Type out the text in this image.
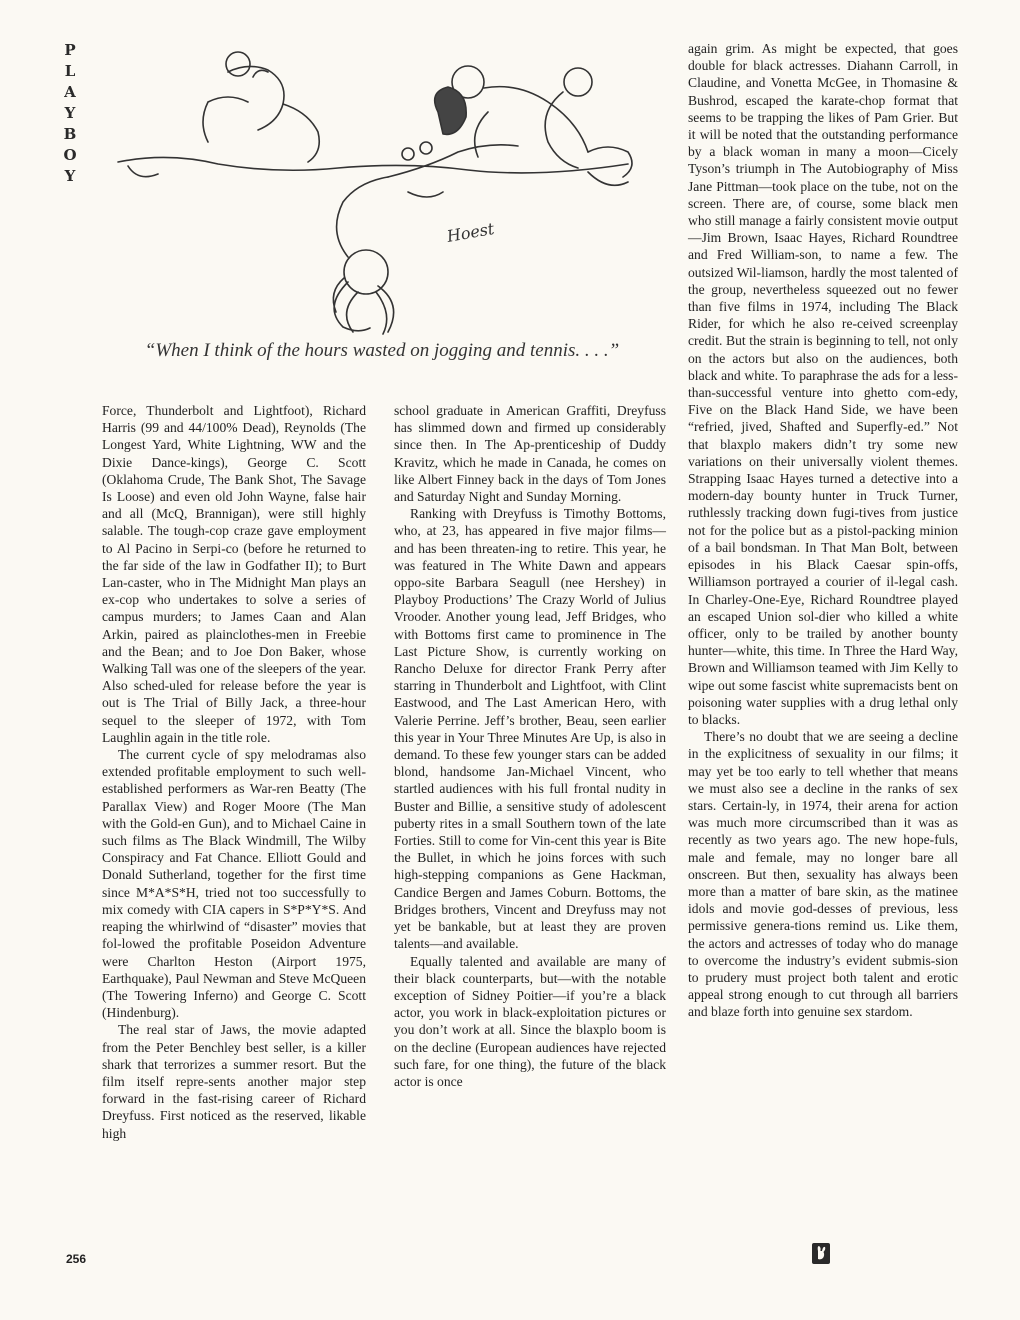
P
L
A
Y
B
O
Y
Hoest
“When I think of the hours wasted on jogging and tennis. . . .”

Force, Thunderbolt and Lightfoot), Richard Harris (99 and 44/100% Dead), Reynolds (The Longest Yard, White Lightning, WW and the Dixie Dance-kings), George C. Scott (Oklahoma Crude, The Bank Shot, The Savage Is Loose) and even old John Wayne, false hair and all (McQ, Brannigan), were still highly salable. The tough-cop craze gave employment to Al Pacino in Serpi-co (before he returned to the far side of the law in Godfather II); to Burt Lan-caster, who in The Midnight Man plays an ex-cop who undertakes to solve a series of campus murders; to James Caan and Alan Arkin, paired as plainclothes-men in Freebie and the Bean; and to Joe Don Baker, whose Walking Tall was one of the sleepers of the year. Also sched-uled for release before the year is out is The Trial of Billy Jack, a three-hour sequel to the sleeper of 1972, with Tom Laughlin again in the title role.

The current cycle of spy melodramas also extended profitable employment to such well-established performers as War-ren Beatty (The Parallax View) and Roger Moore (The Man with the Gold-en Gun), and to Michael Caine in such films as The Black Windmill, The Wilby Conspiracy and Fat Chance. Elliott Gould and Donald Sutherland, together for the first time since M*A*S*H, tried not too successfully to mix comedy with CIA capers in S*P*Y*S. And reaping the whirlwind of “disaster” movies that fol-lowed the profitable Poseidon Adventure were Charlton Heston (Airport 1975, Earthquake), Paul Newman and Steve McQueen (The Towering Inferno) and George C. Scott (Hindenburg).

The real star of Jaws, the movie adapted from the Peter Benchley best seller, is a killer shark that terrorizes a summer resort. But the film itself repre-sents another major step forward in the fast-rising career of Richard Dreyfuss. First noticed as the reserved, likable high

school graduate in American Graffiti, Dreyfuss has slimmed down and firmed up considerably since then. In The Ap-prenticeship of Duddy Kravitz, which he made in Canada, he comes on like Albert Finney back in the days of Tom Jones and Saturday Night and Sunday Morning.

Ranking with Dreyfuss is Timothy Bottoms, who, at 23, has appeared in five major films—and has been threaten-ing to retire. This year, he was featured in The White Dawn and appears oppo-site Barbara Seagull (nee Hershey) in Playboy Productions’ The Crazy World of Julius Vrooder. Another young lead, Jeff Bridges, who with Bottoms first came to prominence in The Last Picture Show, is currently working on Rancho Deluxe for director Frank Perry after starring in Thunderbolt and Lightfoot, with Clint Eastwood, and The Last American Hero, with Valerie Perrine. Jeff’s brother, Beau, seen earlier this year in Your Three Minutes Are Up, is also in demand. To these few younger stars can be added blond, handsome Jan-Michael Vincent, who startled audiences with his full frontal nudity in Buster and Billie, a sensitive study of adolescent puberty rites in a small Southern town of the late Forties. Still to come for Vin-cent this year is Bite the Bullet, in which he joins forces with such high-stepping companions as Gene Hackman, Candice Bergen and James Coburn. Bottoms, the Bridges brothers, Vincent and Dreyfuss may not yet be bankable, but at least they are proven talents—and available.

Equally talented and available are many of their black counterparts, but—with the notable exception of Sidney Poitier—if you’re a black actor, you work in black-exploitation pictures or you don’t work at all. Since the blaxplo boom is on the decline (European audiences have rejected such fare, for one thing), the future of the black actor is once

again grim. As might be expected, that goes double for black actresses. Diahann Carroll, in Claudine, and Vonetta McGee, in Thomasine & Bushrod, escaped the karate-chop format that seems to be trapping the likes of Pam Grier. But it will be noted that the outstanding performance by a black woman in many a moon—Cicely Tyson’s triumph in The Autobiography of Miss Jane Pittman—took place on the tube, not on the screen. There are, of course, some black men who still manage a fairly consistent movie output—Jim Brown, Isaac Hayes, Richard Roundtree and Fred William-son, to name a few. The outsized Wil-liamson, hardly the most talented of the group, nevertheless squeezed out no fewer than five films in 1974, including The Black Rider, for which he also re-ceived screenplay credit. But the strain is beginning to tell, not only on the actors but also on the audiences, both black and white. To paraphrase the ads for a less-than-successful venture into ghetto com-edy, Five on the Black Hand Side, we have been “refried, jived, Shafted and Superfly-ed.” Not that blaxplo makers didn’t try some new variations on their universally violent themes. Strapping Isaac Hayes turned a detective into a modern-day bounty hunter in Truck Turner, ruthlessly tracking down fugi-tives from justice not for the police but as a pistol-packing minion of a bail bondsman. In That Man Bolt, between episodes in his Black Caesar spin-offs, Williamson portrayed a courier of il-legal cash. In Charley-One-Eye, Richard Roundtree played an escaped Union sol-dier who killed a white officer, only to be trailed by another bounty hunter—white, this time. In Three the Hard Way, Brown and Williamson teamed with Jim Kelly to wipe out some fascist white supremacists bent on poisoning water supplies with a drug lethal only to blacks.

There’s no doubt that we are seeing a decline in the explicitness of sexuality in our films; it may yet be too early to tell whether that means we must also see a decline in the ranks of sex stars. Certain-ly, in 1974, their arena for action was much more circumscribed than it was as recently as two years ago. The new hope-fuls, male and female, may no longer bare all onscreen. But then, sexuality has always been more than a matter of bare skin, as the matinee idols and movie god-desses of previous, less permissive genera-tions remind us. Like them, the actors and actresses of today who do manage to overcome the industry’s evident submis-sion to prudery must project both talent and erotic appeal strong enough to cut through all barriers and blaze forth into genuine sex stardom.

256
